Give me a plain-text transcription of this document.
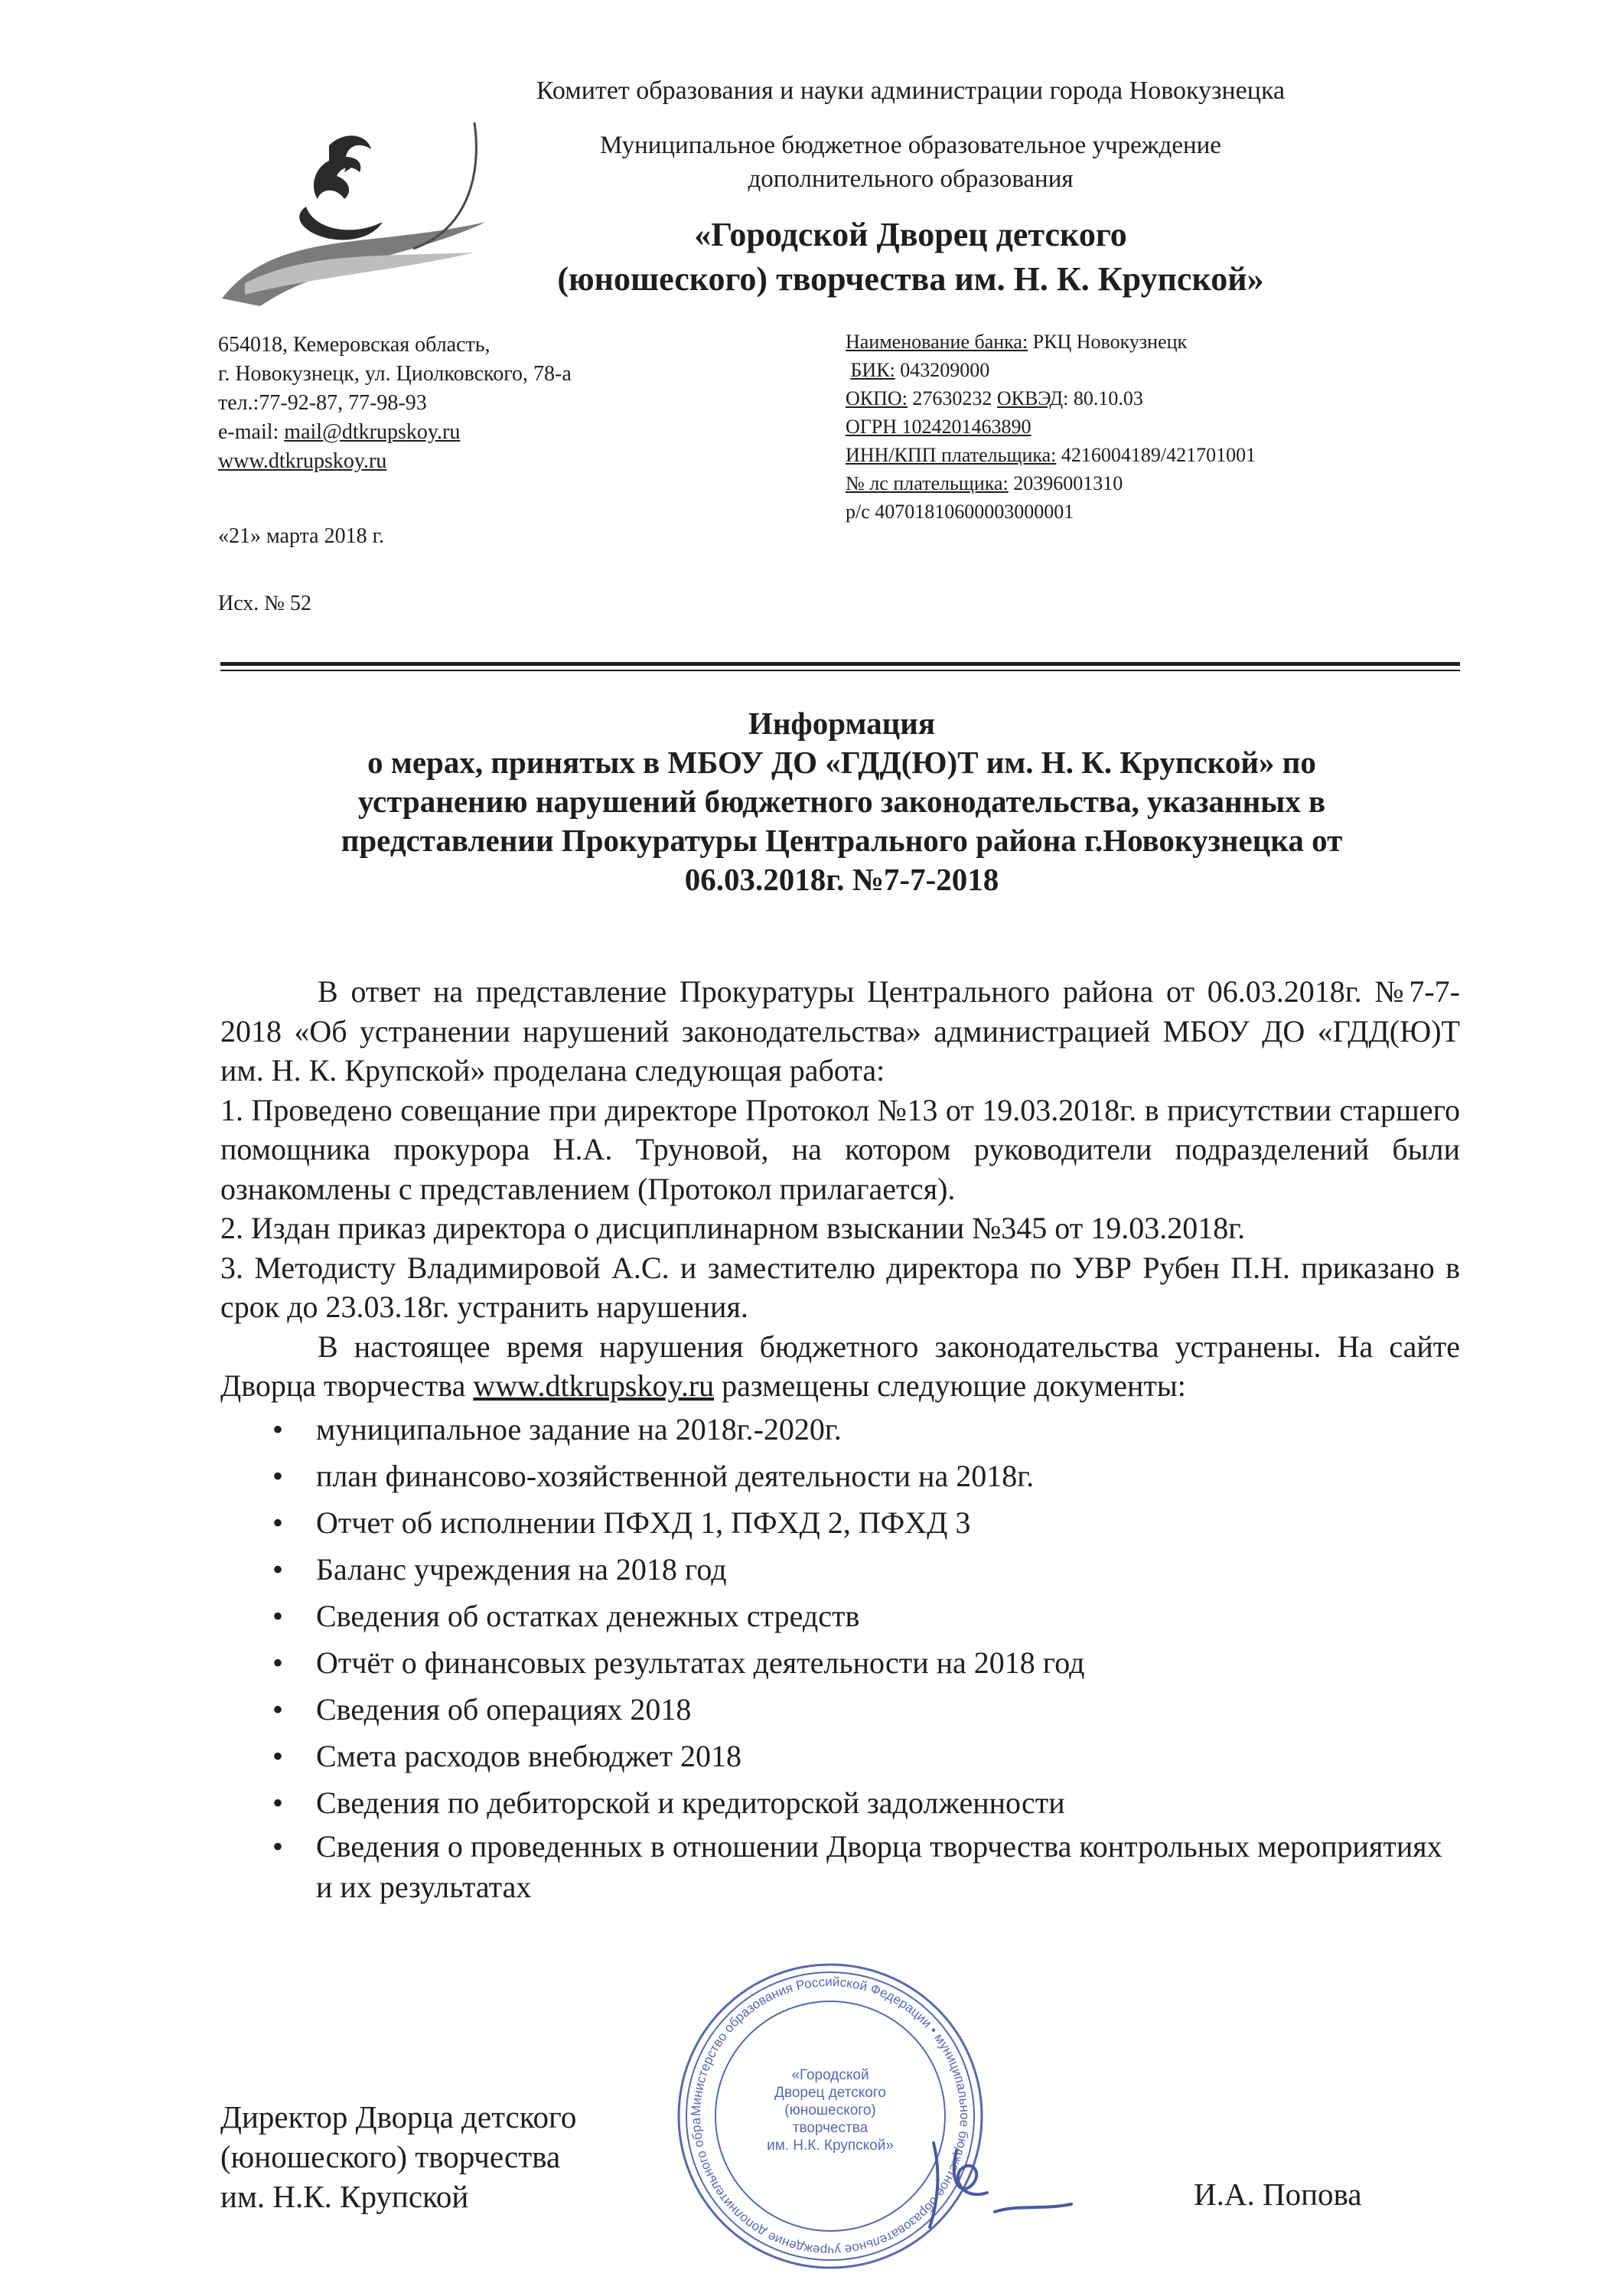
Комитет образования и науки администрации города Новокузнецка
Муниципальное бюджетное образовательное учреждение
дополнительного образования
«Городской Дворец детского
(юношеского) творчества им. Н. К. Крупской»
654018, Кемеровская область,
г. Новокузнецк, ул. Циолковского, 78-а
тел.:77-92-87, 77-98-93
e-mail: mail@dtkrupskoy.ru
www.dtkrupskoy.ru
Наименование банка: РКЦ Новокузнецк
БИК: 043209000
ОКПО: 27630232 ОКВЭД: 80.10.03
ОГРН 1024201463890
ИНН/КПП плательщика: 4216004189/421701001
№ лс плательщика: 20396001310
р/с 40701810600003000001
«21» марта 2018 г.
Исх. № 52
Информация
о мерах, принятых в МБОУ ДО «ГДД(Ю)Т им. Н. К. Крупской» по
устранению нарушений бюджетного законодательства, указанных в
представлении Прокуратуры Центрального района г.Новокузнецка от
06.03.2018г. №7-7-2018

В ответ на представление Прокуратуры Центрального района от 06.03.2018г. №7-7-2018 «Об устранении нарушений законодательства» администрацией МБОУ ДО «ГДД(Ю)Т им. Н. К. Крупской» проделана следующая работа:

1. Проведено совещание при директоре Протокол №13 от 19.03.2018г. в присутствии старшего помощника прокурора Н.А. Труновой, на котором руководители подразделений были ознакомлены с представлением (Протокол прилагается).

2. Издан приказ директора о дисциплинарном взыскании №345 от 19.03.2018г.

3. Методисту Владимировой А.С. и заместителю директора по УВР Рубен П.Н. приказано в срок до 23.03.18г. устранить нарушения.

В настоящее время нарушения бюджетного законодательства устранены. На сайте Дворца творчества www.dtkrupskoy.ru размещены следующие документы:

• муниципальное задание на 2018г.-2020г.
• план финансово-хозяйственной деятельности на 2018г.
• Отчет об исполнении ПФХД 1, ПФХД 2, ПФХД 3
• Баланс учреждения на 2018 год
• Сведения об остатках денежных стредств
• Отчёт о финансовых результатах деятельности на 2018 год
• Сведения об операциях 2018
• Смета расходов внебюджет 2018
• Сведения по дебиторской и кредиторской задолженности
• Сведения о проведенных в отношении Дворца творчества контрольных мероприятиях и их результатах
Министерство образования Российской Федерации • муниципальное бюджетное образовательное учреждение дополнительного обра
«Городской
Дворец детского
(юношеского)
творчества
им. Н.К. Крупской»
Директор Дворца детского
(юношеского) творчества
им. Н.К. Крупской	И.А. Попова
